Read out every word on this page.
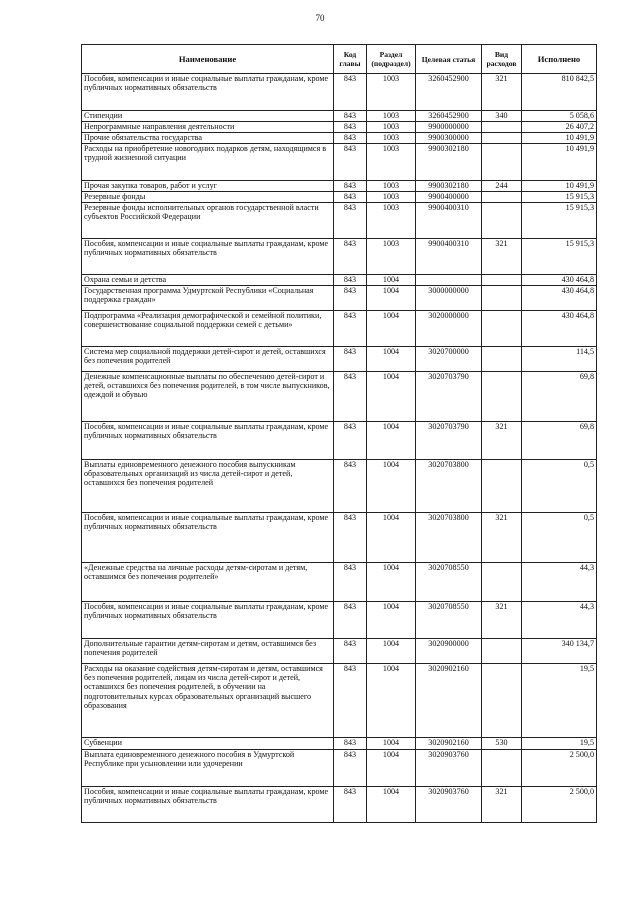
70
Наименование	Код главы	Раздел (подраздел)	Целевая статья	Вид расходов	Исполнено
Пособия, компенсации и иные социальные выплаты гражданам, кроме публичных нормативных обязательств	843	1003	3260452900	321	810 842,5
Стипендии	843	1003	3260452900	340	5 058,6
Непрограммные направления деятельности	843	1003	9900000000		26 407,2
Прочие обязательства государства	843	1003	9900300000		10 491,9
Расходы на приобретение новогодних подарков детям, находящимся в трудной жизненной ситуации	843	1003	9900302180		10 491,9
Прочая закупка товаров, работ и услуг	843	1003	9900302180	244	10 491,9
Резервные фонды	843	1003	9900400000		15 915,3
Резервные фонды исполнительных органов государственной власти субъектов Российской Федерации	843	1003	9900400310		15 915,3
Пособия, компенсации и иные социальные выплаты гражданам, кроме публичных нормативных обязательств	843	1003	9900400310	321	15 915,3
Охрана семьи и детства	843	1004			430 464,8
Государственная программа Удмуртской Республики «Социальная поддержка граждан»	843	1004	3000000000		430 464,8
Подпрограмма «Реализация демографической и семейной политики, совершенствование социальной поддержки семей с детьми»	843	1004	3020000000		430 464,8
Система мер социальной поддержки детей-сирот и детей, оставшихся без попечения родителей	843	1004	3020700000		114,5
Денежные компенсационные выплаты по обеспечению детей-сирот и детей, оставшихся без попечения родителей, в том числе выпускников, одеждой и обувью	843	1004	3020703790		69,8
Пособия, компенсации и иные социальные выплаты гражданам, кроме публичных нормативных обязательств	843	1004	3020703790	321	69,8
Выплаты единовременного денежного пособия выпускникам образовательных организаций из числа детей-сирот и детей, оставшихся без попечения родителей	843	1004	3020703800		0,5
Пособия, компенсации и иные социальные выплаты гражданам, кроме публичных нормативных обязательств	843	1004	3020703800	321	0,5
«Денежные средства на личные расходы детям-сиротам и детям, оставшимся без попечения родителей»	843	1004	3020708550		44,3
Пособия, компенсации и иные социальные выплаты гражданам, кроме публичных нормативных обязательств	843	1004	3020708550	321	44,3
Дополнительные гарантии детям-сиротам и детям, оставшимся без попечения родителей	843	1004	3020900000		340 134,7
Расходы на оказание содействия детям-сиротам и детям, оставшимся без попечения родителей, лицам из числа детей-сирот и детей, оставшихся без попечения родителей, в обучении на подготовительных курсах образовательных организаций высшего образования	843	1004	3020902160		19,5
Субвенции	843	1004	3020902160	530	19,5
Выплата единовременного денежного пособия в Удмуртской Республике при усыновлении или удочерении	843	1004	3020903760		2 500,0
Пособия, компенсации и иные социальные выплаты гражданам, кроме публичных нормативных обязательств	843	1004	3020903760	321	2 500,0
